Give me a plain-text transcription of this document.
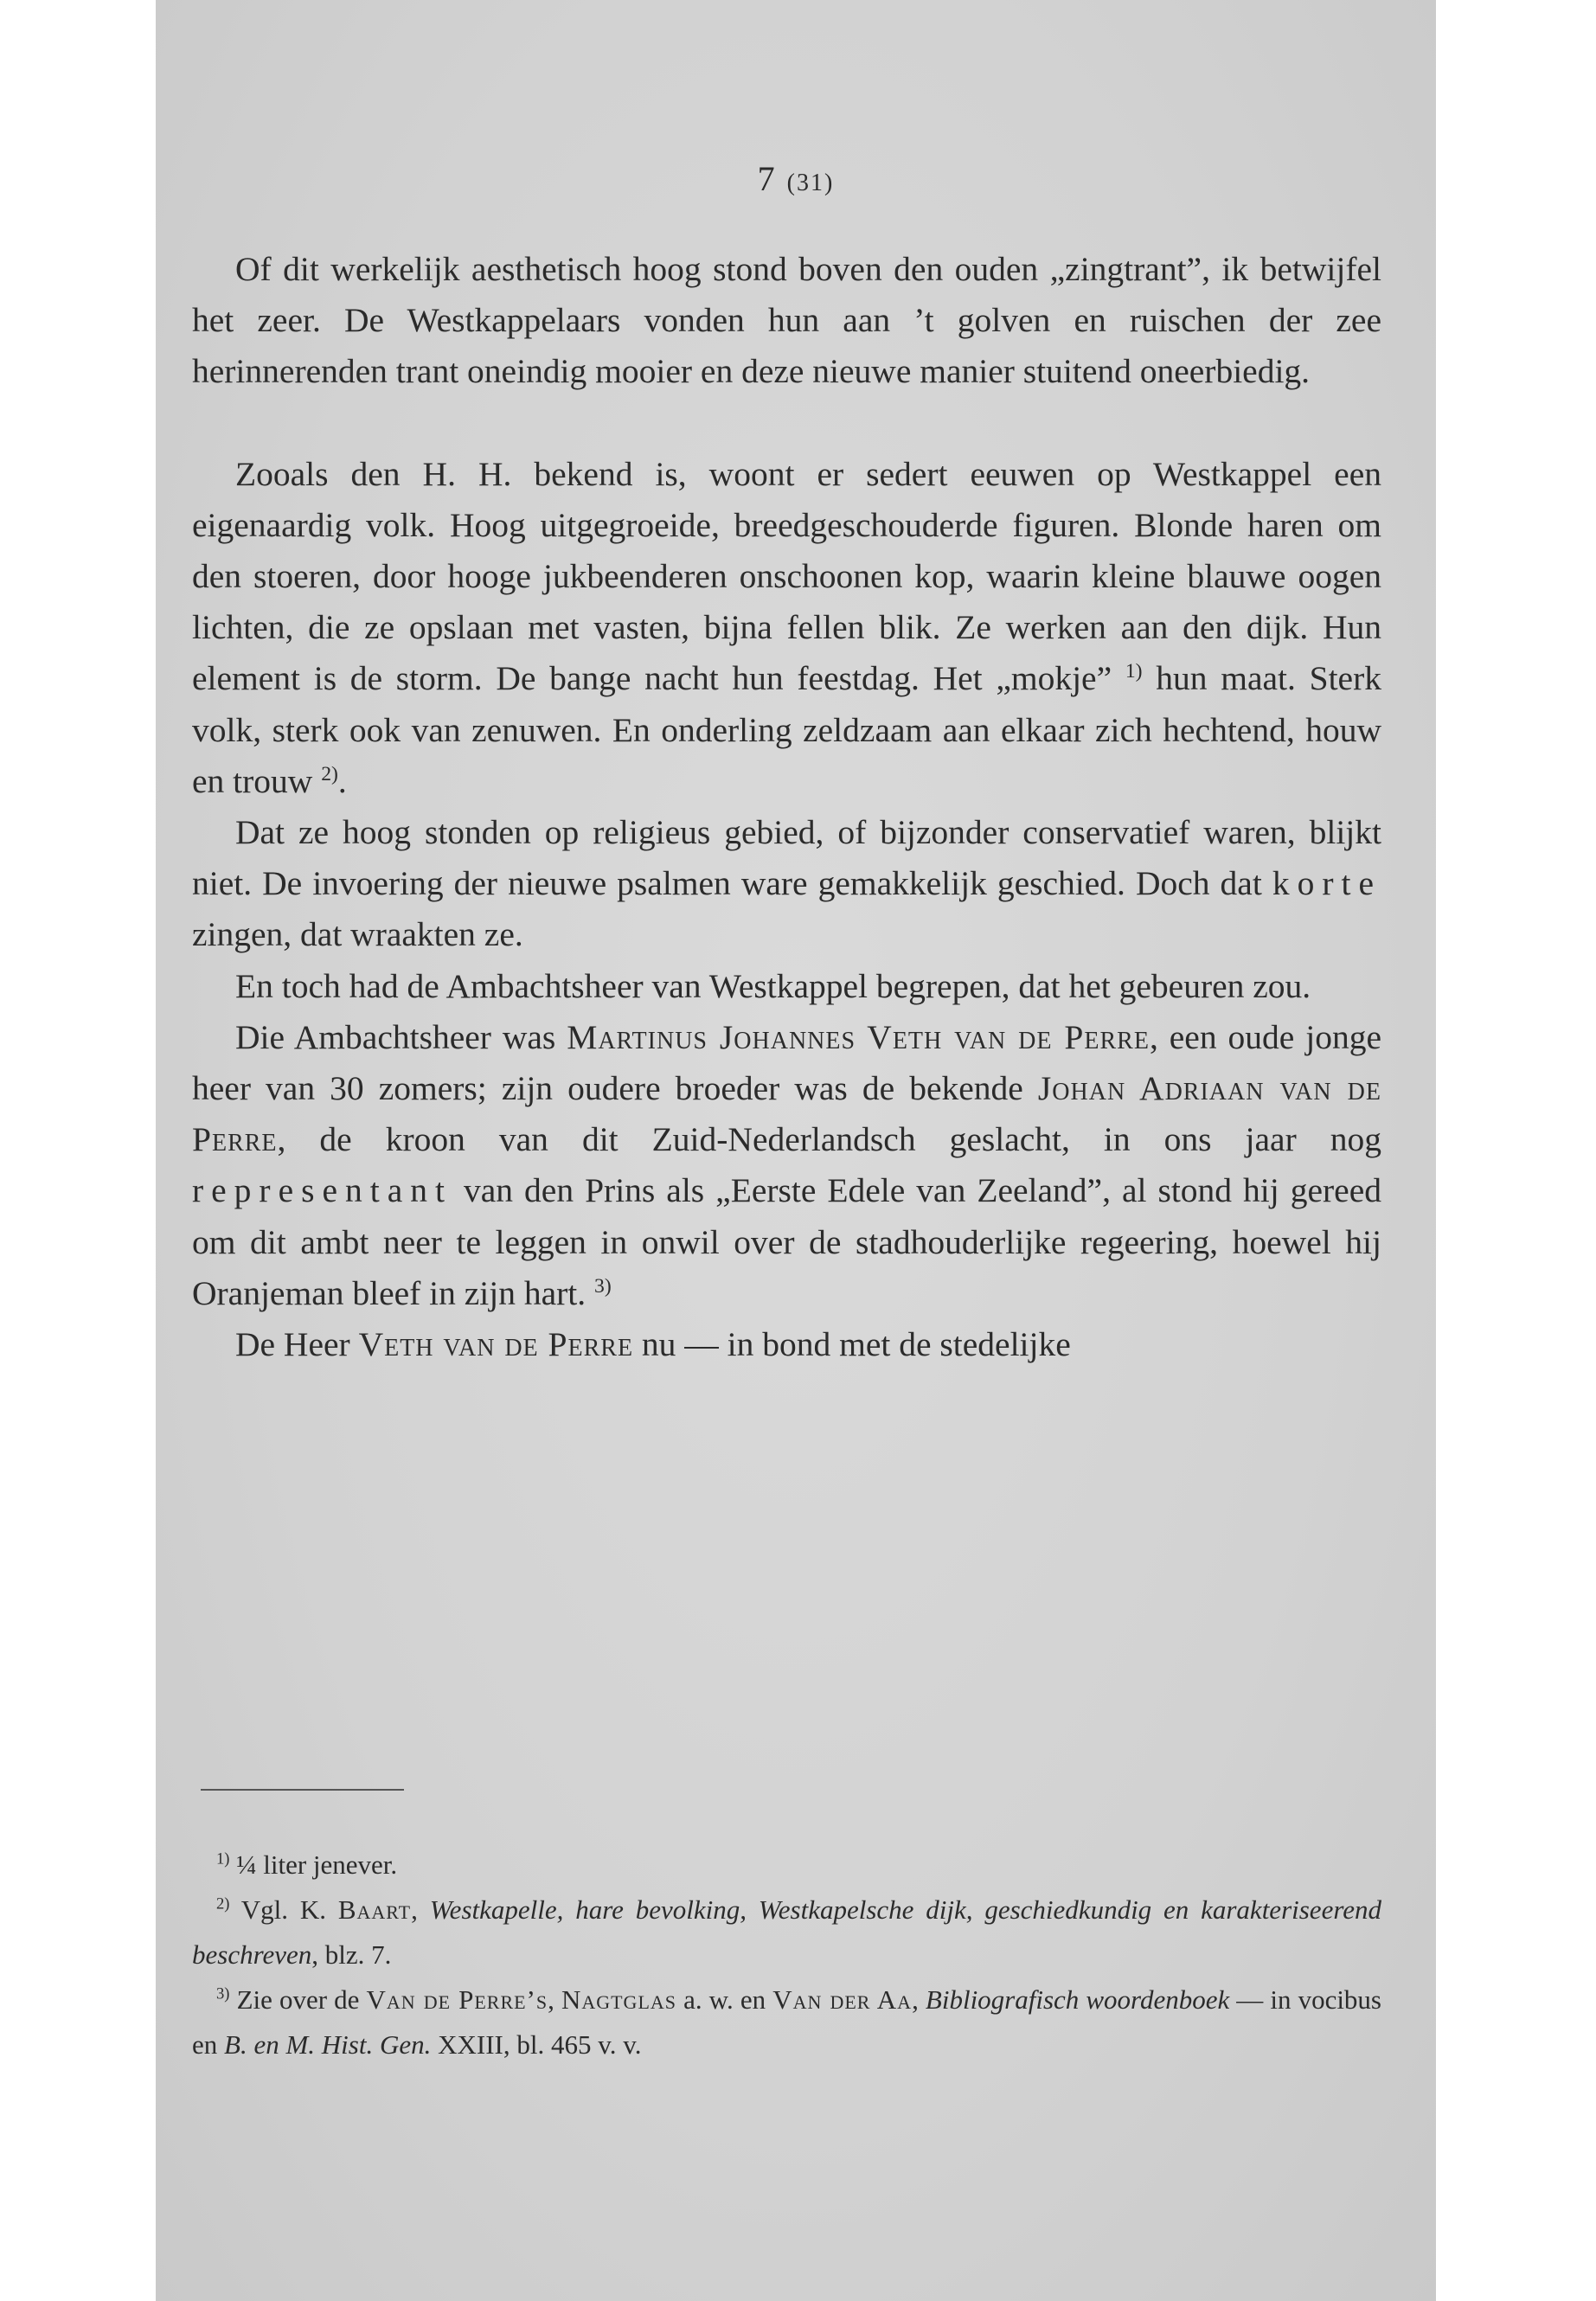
7 (31)

Of dit werkelijk aesthetisch hoog stond boven den ouden „zingtrant”, ik betwijfel het zeer. De Westkappelaars vonden hun aan ’t golven en ruischen der zee herinnerenden trant oneindig mooier en deze nieuwe manier stuitend oneerbiedig.

Zooals den H. H. bekend is, woont er sedert eeuwen op Westkappel een eigenaardig volk. Hoog uitgegroeide, breedgeschouderde figuren. Blonde haren om den stoeren, door hooge jukbeenderen onschoonen kop, waarin kleine blauwe oogen lichten, die ze opslaan met vasten, bijna fellen blik. Ze werken aan den dijk. Hun element is de storm. De bange nacht hun feestdag. Het „mokje” $^{1)}$ hun maat. Sterk volk, sterk ook van zenuwen. En onderling zeldzaam aan elkaar zich hechtend, houw en trouw $^{2)}$.

Dat ze hoog stonden op religieus gebied, of bijzonder conservatief waren, blijkt niet. De invoering der nieuwe psalmen ware gemakkelijk geschied. Doch dat korte zingen, dat wraakten ze.

En toch had de Ambachtsheer van Westkappel begrepen, dat het gebeuren zou.

Die Ambachtsheer was Martinus Johannes Veth van de Perre, een oude jonge heer van 30 zomers; zijn oudere broeder was de bekende Johan Adriaan van de Perre, de kroon van dit Zuid-Nederlandsch geslacht, in ons jaar nog representant van den Prins als „Eerste Edele van Zeeland”, al stond hij gereed om dit ambt neer te leggen in onwil over de stadhouderlijke regeering, hoewel hij Oranjeman bleef in zijn hart. $^{3)}$

De Heer Veth van de Perre nu — in bond met de stedelijke

$^{1)}$ ¼ liter jenever.

$^{2)}$ Vgl. K. Baart, Westkapelle, hare bevolking, Westkapelsche dijk, geschiedkundig en karakteriseerend beschreven, blz. 7.

$^{3)}$ Zie over de Van de Perre’s, Nagtglas a. w. en Van der Aa, Bibliografisch woordenboek — in vocibus en B. en M. Hist. Gen. XXIII, bl. 465 v. v.
